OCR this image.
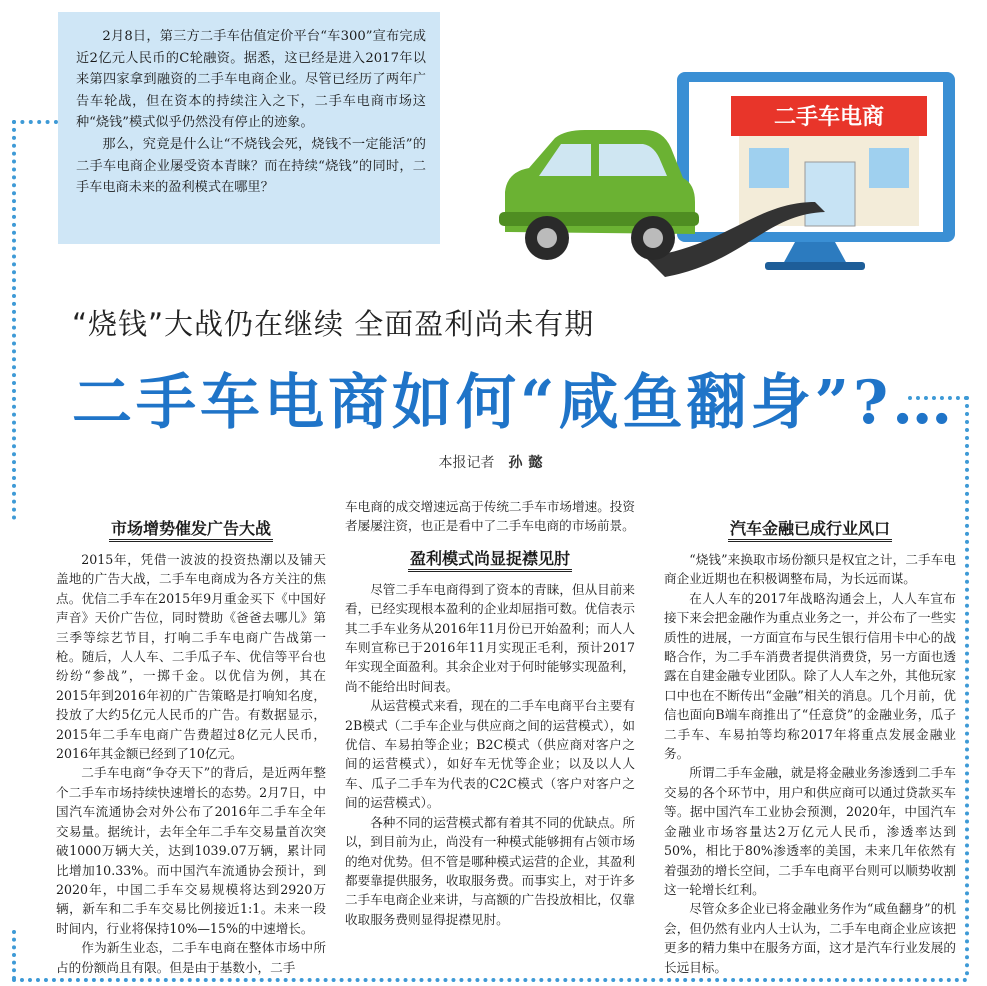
2月8日，第三方二手车估值定价平台“车300”宣布完成近2亿元人民币的C轮融资。据悉，这已经是进入2017年以来第四家拿到融资的二手车电商企业。尽管已经历了两年广告车轮战，但在资本的持续注入之下，二手车电商市场这种“烧钱”模式似乎仍然没有停止的迹象。

那么，究竟是什么让“不烧钱会死，烧钱不一定能活”的二手车电商企业屡受资本青睐？而在持续“烧钱”的同时，二手车电商未来的盈利模式在哪里？

二手车电商
“烧钱”大战仍在继续 全面盈利尚未有期
二手车电商如何“咸鱼翻身”?…
本报记者 孙懿
市场增势催发广告大战

2015年，凭借一波波的投资热潮以及铺天盖地的广告大战，二手车电商成为各方关注的焦点。优信二手车在2015年9月重金买下《中国好声音》天价广告位，同时赞助《爸爸去哪儿》第三季等综艺节目，打响二手车电商广告战第一枪。随后，人人车、二手瓜子车、优信等平台也纷纷“参战”，一掷千金。以优信为例，其在2015年到2016年初的广告策略是打响知名度，投放了大约5亿元人民币的广告。有数据显示，2015年二手车电商广告费超过8亿元人民币，2016年其金额已经到了10亿元。

二手车电商“争夺天下”的背后，是近两年整个二手车市场持续快速增长的态势。2月7日，中国汽车流通协会对外公布了2016年二手车全年交易量。据统计，去年全年二手车交易量首次突破1000万辆大关，达到1039.07万辆，累计同比增加10.33%。而中国汽车流通协会预计，到2020年，中国二手车交易规模将达到2920万辆，新车和二手车交易比例接近1:1。未来一段时间内，行业将保持10%—15%的中速增长。

作为新生业态，二手车电商在整体市场中所占的份额尚且有限。但是由于基数小，二手

车电商的成交增速远高于传统二手车市场增速。投资者屡屡注资，也正是看中了二手车电商的市场前景。

盈利模式尚显捉襟见肘

尽管二手车电商得到了资本的青睐，但从目前来看，已经实现根本盈利的企业却屈指可数。优信表示其二手车业务从2016年11月份已开始盈利；而人人车则宣称已于2016年11月实现正毛利，预计2017年实现全面盈利。其余企业对于何时能够实现盈利，尚不能给出时间表。

从运营模式来看，现在的二手车电商平台主要有2B模式（二手车企业与供应商之间的运营模式），如优信、车易拍等企业；B2C模式（供应商对客户之间的运营模式），如好车无忧等企业；以及以人人车、瓜子二手车为代表的C2C模式（客户对客户之间的运营模式）。

各种不同的运营模式都有着其不同的优缺点。所以，到目前为止，尚没有一种模式能够拥有占领市场的绝对优势。但不管是哪种模式运营的企业，其盈利都要靠提供服务，收取服务费。而事实上，对于许多二手车电商企业来讲，与高额的广告投放相比，仅靠收取服务费则显得捉襟见肘。

汽车金融已成行业风口

“烧钱”来换取市场份额只是权宜之计，二手车电商企业近期也在积极调整布局，为长远而谋。

在人人车的2017年战略沟通会上，人人车宣布接下来会把金融作为重点业务之一，并公布了一些实质性的进展，一方面宣布与民生银行信用卡中心的战略合作，为二手车消费者提供消费贷，另一方面也透露在自建金融专业团队。除了人人车之外，其他玩家口中也在不断传出“金融”相关的消息。几个月前，优信也面向B端车商推出了“任意贷”的金融业务，瓜子二手车、车易拍等均称2017年将重点发展金融业务。

所谓二手车金融，就是将金融业务渗透到二手车交易的各个环节中，用户和供应商可以通过贷款买车等。据中国汽车工业协会预测，2020年，中国汽车金融业市场容量达2万亿元人民币，渗透率达到50%，相比于80%渗透率的美国，未来几年依然有着强劲的增长空间，二手车电商平台则可以顺势收割这一轮增长红利。

尽管众多企业已将金融业务作为“咸鱼翻身”的机会，但仍然有业内人士认为，二手车电商企业应该把更多的精力集中在服务方面，这才是汽车行业发展的长远目标。
